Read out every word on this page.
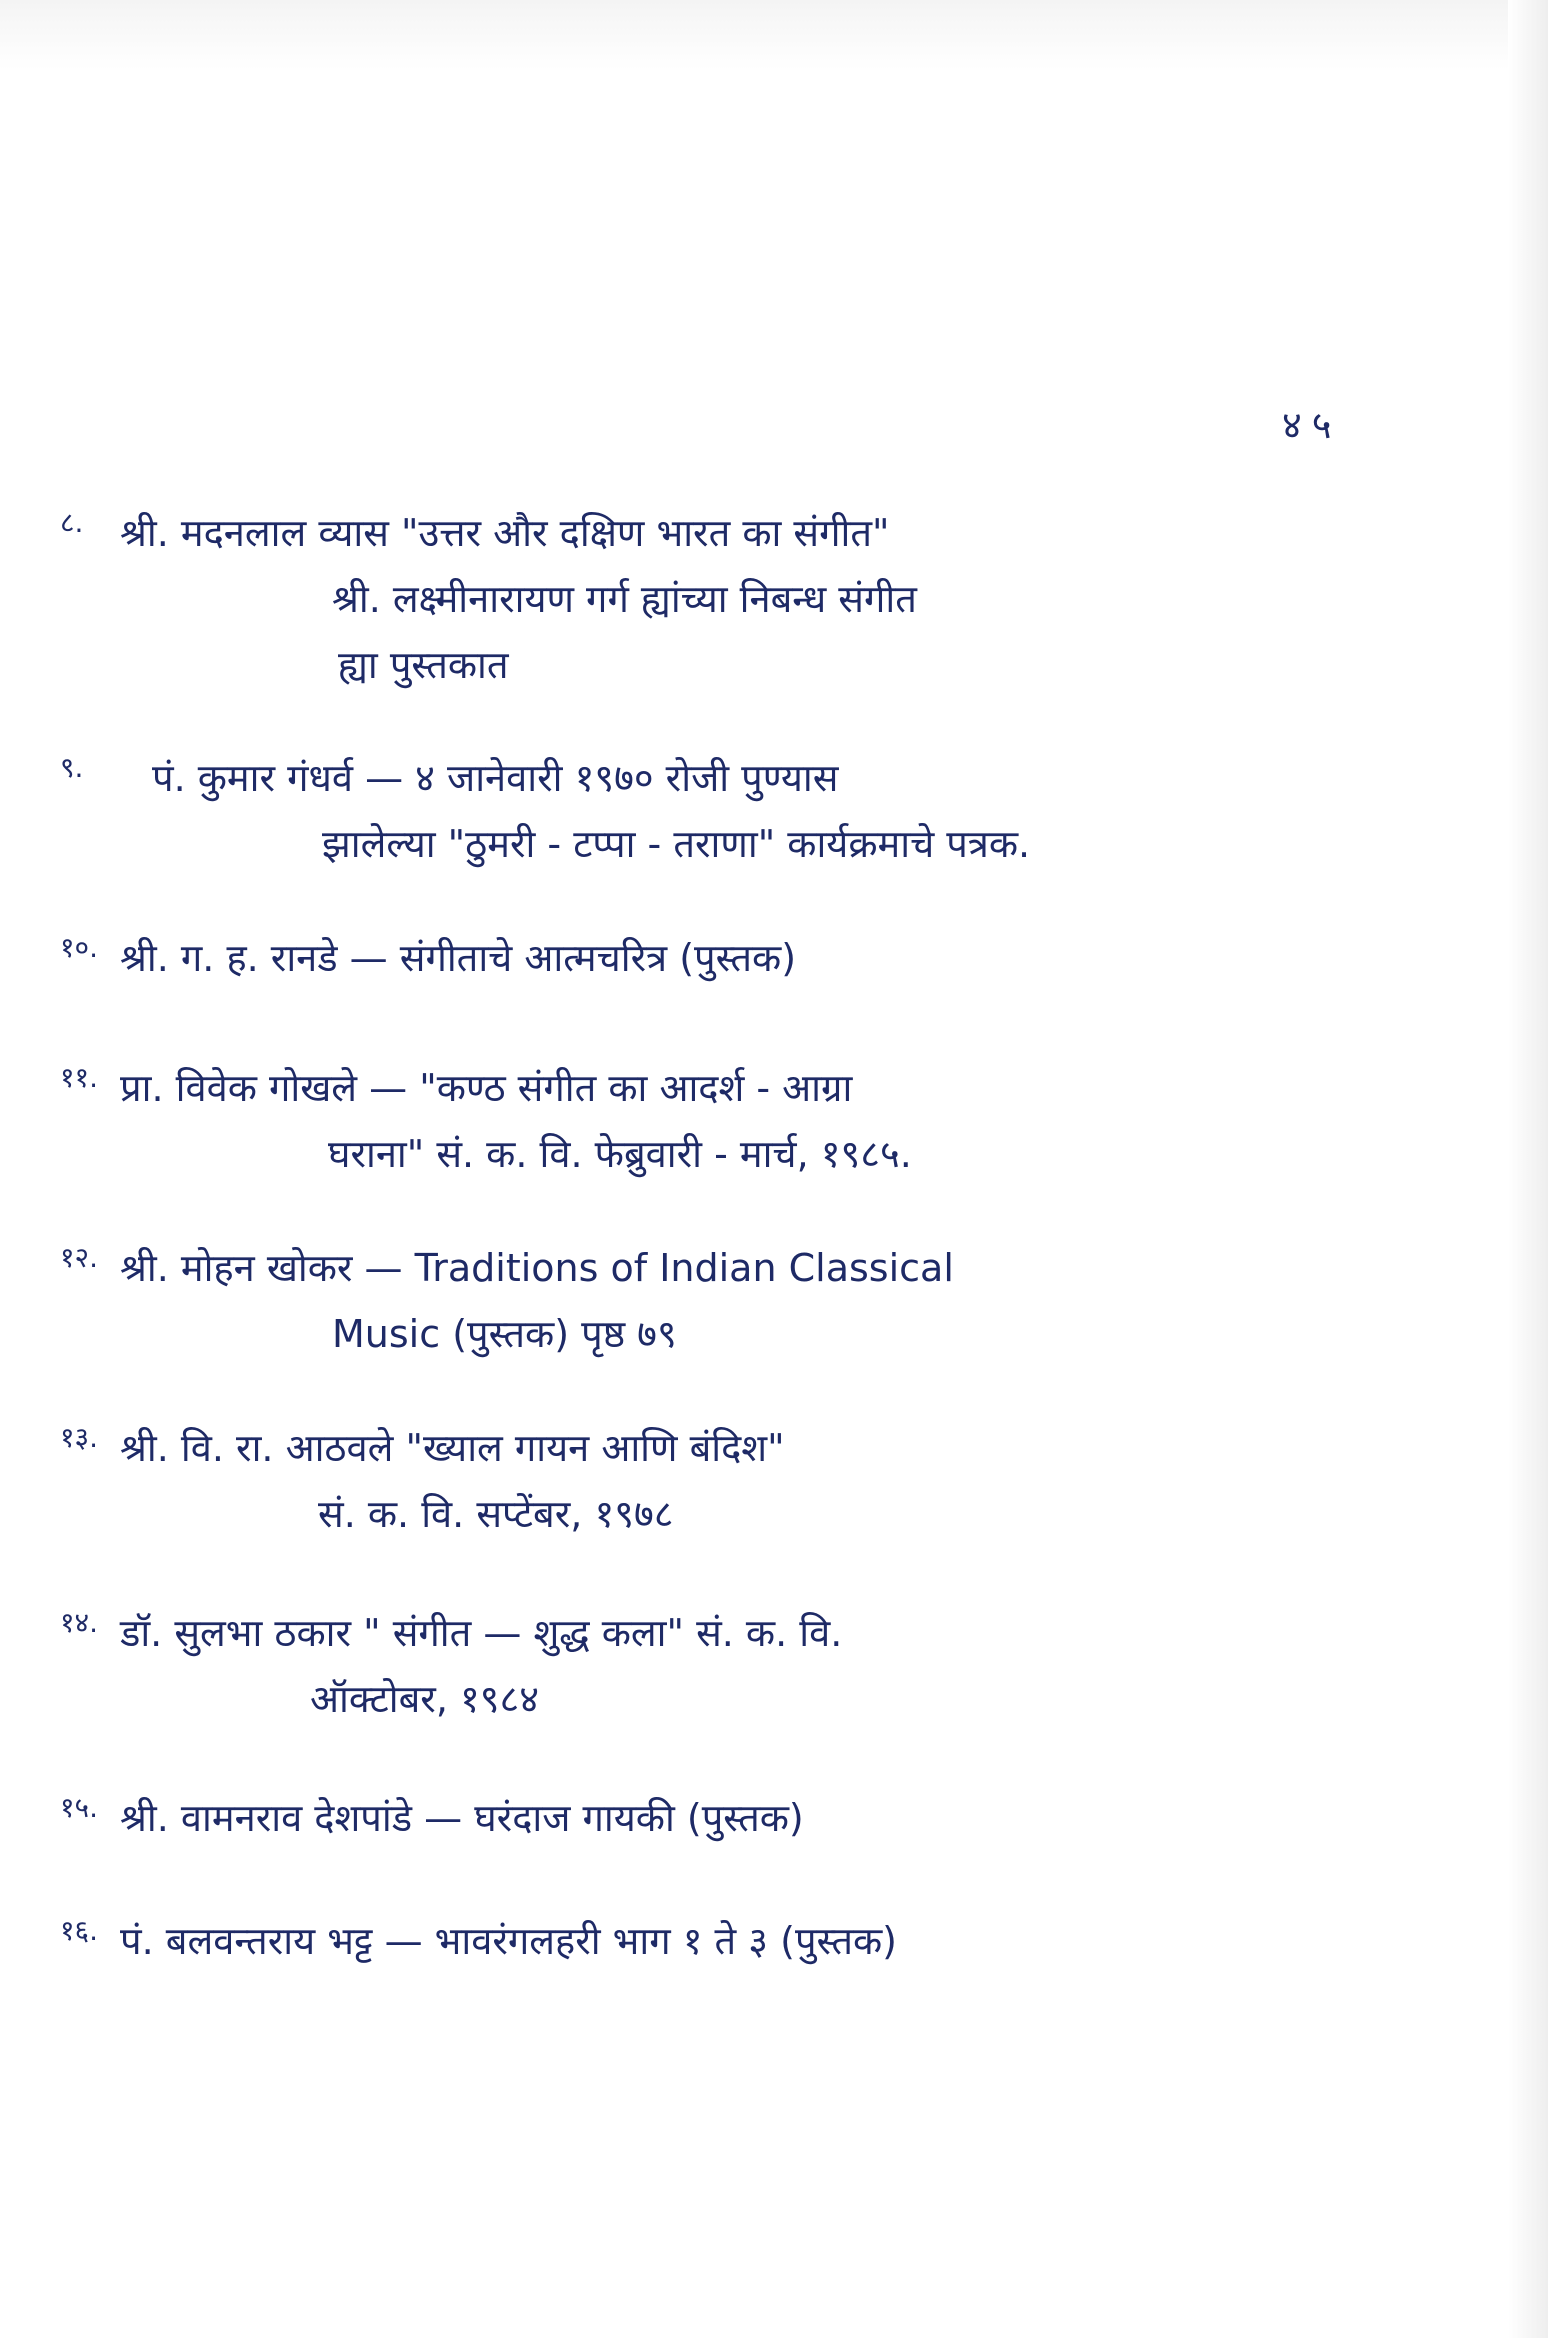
४५
८. श्री. मदनलाल व्यास "उत्तर और दक्षिण भारत का संगीत"
श्री. लक्ष्मीनारायण गर्ग ह्यांच्या निबन्ध संगीत
ह्या पुस्तकात
९. पं. कुमार गंधर्व — ४ जानेवारी १९७० रोजी पुण्यास
झालेल्या "ठुमरी - टप्पा - तराणा" कार्यक्रमाचे पत्रक.
१०. श्री. ग. ह. रानडे — संगीताचे आत्मचरित्र (पुस्तक)
११. प्रा. विवेक गोखले — "कण्ठ संगीत का आदर्श - आग्रा
घराना" सं. क. वि. फेब्रुवारी - मार्च, १९८५.
१२. श्री. मोहन खोकर — Traditions of Indian Classical
Music (पुस्तक) पृष्ठ ७९
१३. श्री. वि. रा. आठवले "ख्याल गायन आणि बंदिश"
सं. क. वि. सप्टेंबर, १९७८
१४. डॉ. सुलभा ठकार " संगीत — शुद्ध कला" सं. क. वि.
ऑक्टोबर, १९८४
१५. श्री. वामनराव देशपांडे — घरंदाज गायकी (पुस्तक)
१६. पं. बलवन्तराय भट्ट — भावरंगलहरी भाग १ ते ३ (पुस्तक)
